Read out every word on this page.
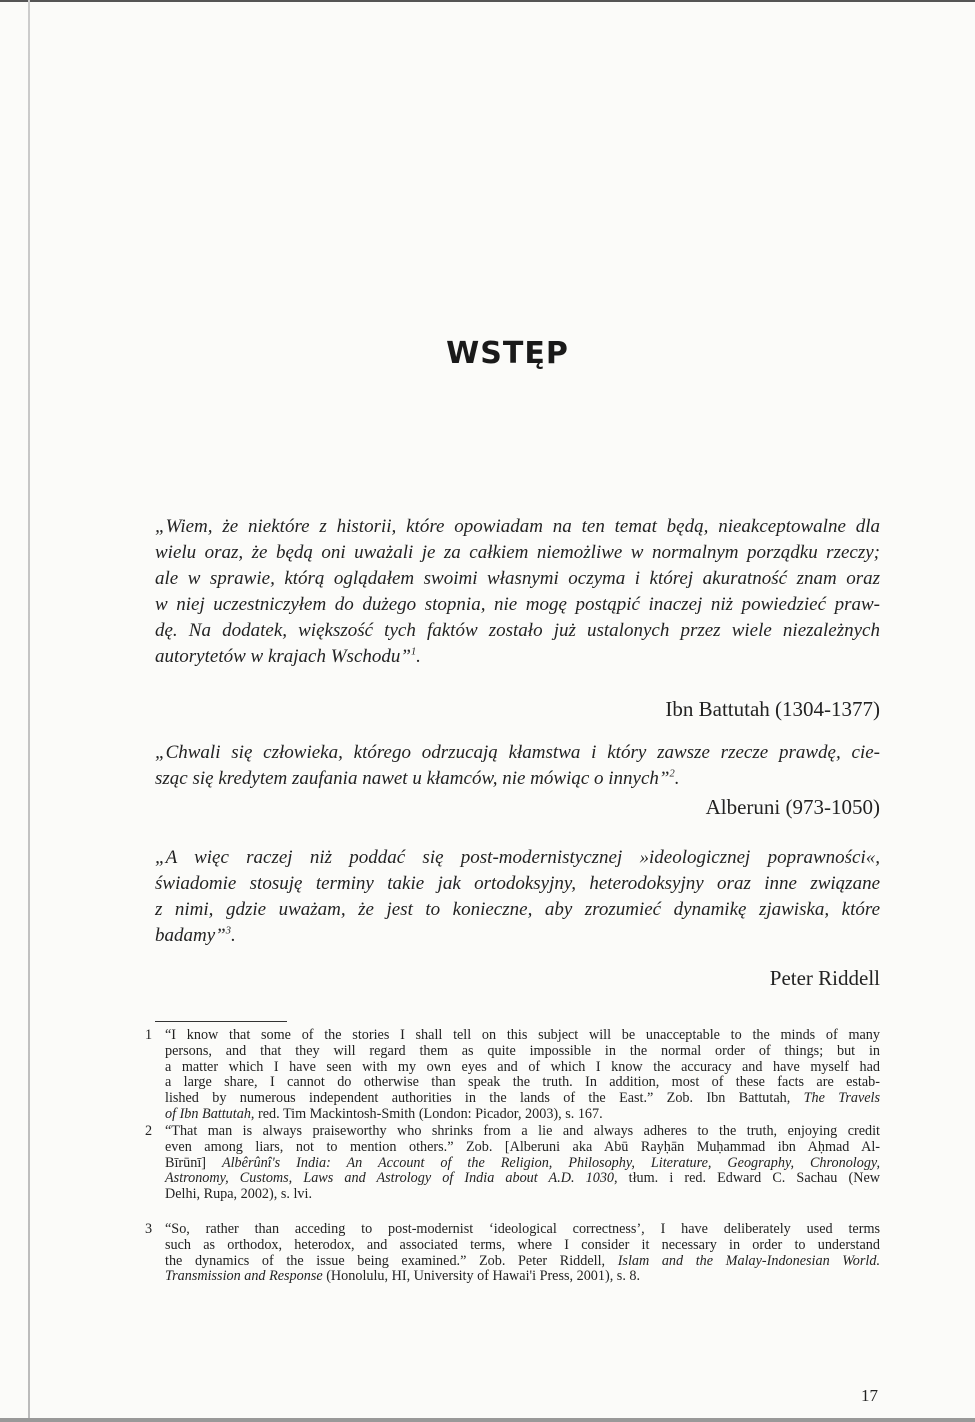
WSTĘP
„Wiem, że niektóre z historii, które opowiadam na ten temat będą, nieakceptowalne dla
wielu oraz, że będą oni uważali je za całkiem niemożliwe w normalnym porządku rzeczy;
ale w sprawie, którą oglądałem swoimi własnymi oczyma i której akuratność znam oraz
w niej uczestniczyłem do dużego stopnia, nie mogę postąpić inaczej niż powiedzieć praw-
dę. Na dodatek, większość tych faktów zostało już ustalonych przez wiele niezależnych
autorytetów w krajach Wschodu”$^1$.
Ibn Battutah (1304-1377)
„Chwali się człowieka, którego odrzucają kłamstwa i który zawsze rzecze prawdę, cie-
sząc się kredytem zaufania nawet u kłamców, nie mówiąc o innych”$^2$.
Alberuni (973-1050)
„A więc raczej niż poddać się post-modernistycznej »ideologicznej poprawności«,
świadomie stosuję terminy takie jak ortodoksyjny, heterodoksyjny oraz inne związane
z nimi, gdzie uważam, że jest to konieczne, aby zrozumieć dynamikę zjawiska, które
badamy”$^3$.
Peter Riddell
1 “I know that some of the stories I shall tell on this subject will be unacceptable to the minds of many
persons, and that they will regard them as quite impossible in the normal order of things; but in
a matter which I have seen with my own eyes and of which I know the accuracy and have myself had
a large share, I cannot do otherwise than speak the truth. In addition, most of these facts are estab-
lished by numerous independent authorities in the lands of the East.” Zob. Ibn Battutah, The Travels
of Ibn Battutah, red. Tim Mackintosh-Smith (London: Picador, 2003), s. 167.
2 “That man is always praiseworthy who shrinks from a lie and always adheres to the truth, enjoying credit
even among liars, not to mention others.” Zob. [Alberuni aka Abū Rayḥān Muḥammad ibn Aḥmad Al-
Bīrūnī] Albêrûnî's India: An Account of the Religion, Philosophy, Literature, Geography, Chronology,
Astronomy, Customs, Laws and Astrology of India about A.D. 1030, tłum. i red. Edward C. Sachau (New
Delhi, Rupa, 2002), s. lvi.
3 “So, rather than acceding to post-modernist ‘ideological correctness’, I have deliberately used terms
such as orthodox, heterodox, and associated terms, where I consider it necessary in order to understand
the dynamics of the issue being examined.” Zob. Peter Riddell, Islam and the Malay-Indonesian World.
Transmission and Response (Honolulu, HI, University of Hawai'i Press, 2001), s. 8.
17
